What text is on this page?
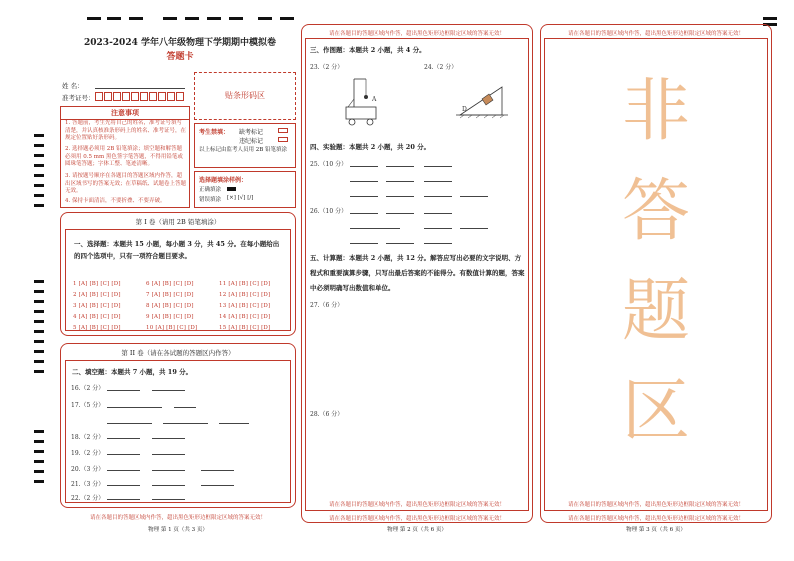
2023-2024 学年八年级物理下学期期中模拟卷
答题卡
姓 名：
准考证号：	贴条形码区
注意事项
1. 答题前，考生先将自己的姓名，准考证号填写清楚，并认真核准条形码上的姓名、准考证号，在规定位置贴好条形码。
2. 选择题必须用 2B 铅笔填涂；填空题和解答题必须用 0.5 mm 黑色签字笔答题，不得用铅笔或圆珠笔答题；字体工整、笔迹清晰。
3. 请按题号顺序在各题目的答题区域内作答，超出区域书写的答案无效；在草稿纸、试题卷上答题无效。
4. 保持卡面清洁，不要折叠、不要弄破。
考生禁填： 缺考标记
违纪标记
以上标记由监考人员用 2B 铅笔填涂
选择题填涂样例：
正确填涂
错误填涂 [×] [√] [/]
第 I 卷（请用 2B 铅笔填涂）
一、选择题：本题共 15 小题，每小题 3 分，共 45 分。在每小题给出的四个选项中，只有一项符合题目要求。
1 [A] [B] [C] [D]	6 [A] [B] [C] [D]	11 [A] [B] [C] [D]
2 [A] [B] [C] [D]	7 [A] [B] [C] [D]	12 [A] [B] [C] [D]
3 [A] [B] [C] [D]	8 [A] [B] [C] [D]	13 [A] [B] [C] [D]
4 [A] [B] [C] [D]	9 [A] [B] [C] [D]	14 [A] [B] [C] [D]
5 [A] [B] [C] [D]	10 [A] [B] [C] [D]	15 [A] [B] [C] [D]
第 II 卷（请在各试题的答题区内作答）
二、填空题：本题共 7 小题，共 19 分。
16.（2 分）
17.（5 分）
18.（2 分）
19.（2 分）
20.（3 分）
21.（3 分）
22.（2 分）
请在各题目的答题区域内作答，超出黑色矩形边框限定区域的答案无效！
物理 第 1 页（共 3 页）
请在各题目的答题区域内作答，超出黑色矩形边框限定区域的答案无效！
三、作图题：本题共 2 小题，共 4 分。
23.（2 分）	24.（2 分）
A
D
四、实验题：本题共 2 小题，共 20 分。
25.（10 分）
26.（10 分）
五、计算题：本题共 2 小题，共 12 分。解答应写出必要的文字说明、方程式和重要演算步骤，只写出最后答案的不能得分。有数值计算的题，答案中必须明确写出数值和单位。
27.（6 分）
28.（6 分）
请在各题目的答题区域内作答，超出黑色矩形边框限定区域的答案无效！
请在各题目的答题区域内作答，超出黑色矩形边框限定区域的答案无效！
物理 第 2 页（共 6 页）
请在各题目的答题区域内作答，超出黑色矩形边框限定区域的答案无效！
非
答
题
区
请在各题目的答题区域内作答，超出黑色矩形边框限定区域的答案无效！
请在各题目的答题区域内作答，超出黑色矩形边框限定区域的答案无效！
物理 第 3 页（共 6 页）
